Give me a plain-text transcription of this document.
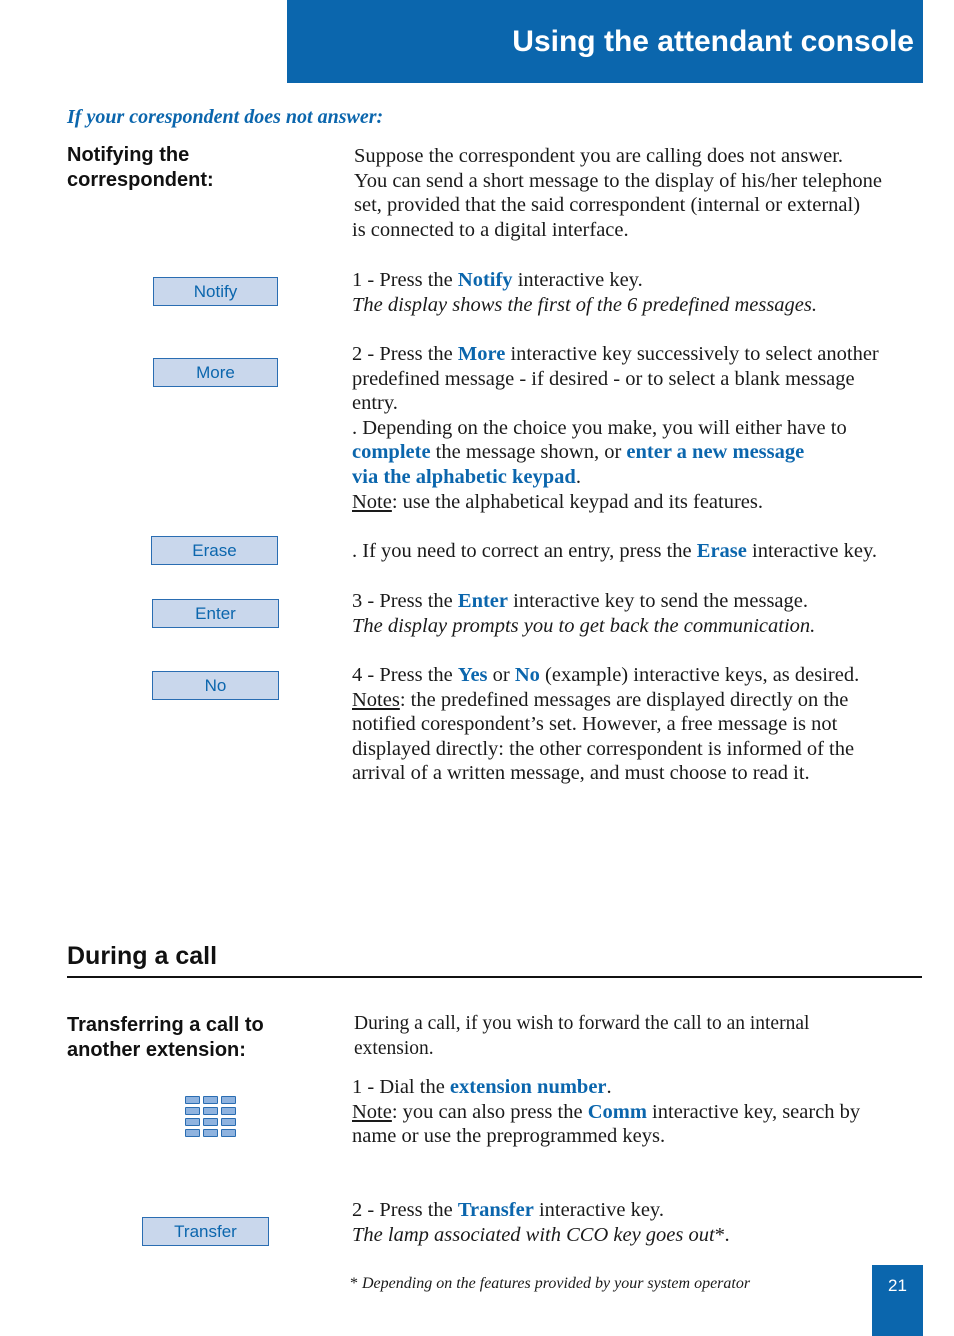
Using the attendant console
If your corespondent does not answer:
Notifying the
correspondent:

Suppose the correspondent you are calling does not answer.

You can send a short message to the display of his/her telephone

set, provided that the said correspondent (internal or external)

is connected to a digital interface.

Notify	1 - Press the Notify interactive key.

The display shows the first of the 6 predefined messages.

More

2 - Press the More interactive key successively to select another

predefined message - if desired - or to select a blank message

entry.

. Depending on the choice you make, you will either have to

complete the message shown, or enter a new message

via the alphabetic keypad.

Note: use the alphabetical keypad and its features.

Erase	. If you need to correct an entry, press the Erase interactive key.

Enter

3 - Press the Enter interactive key to send the message.

The display prompts you to get back the communication.

No	4 - Press the Yes or No (example) interactive keys, as desired.

Notes: the predefined messages are displayed directly on the

notified corespondent’s set. However, a free message is not

displayed directly: the other correspondent is informed of the

arrival of a written message, and must choose to read it.

During a call
Transferring a call to
another extension:

During a call, if you wish to forward the call to an internal

extension.

1 - Dial the extension number.

Note: you can also press the Comm interactive key, search by

name or use the preprogrammed keys.

Transfer

2 - Press the Transfer interactive key.

The lamp associated with CCO key goes out*.

* Depending on the features provided by your system operator	21
